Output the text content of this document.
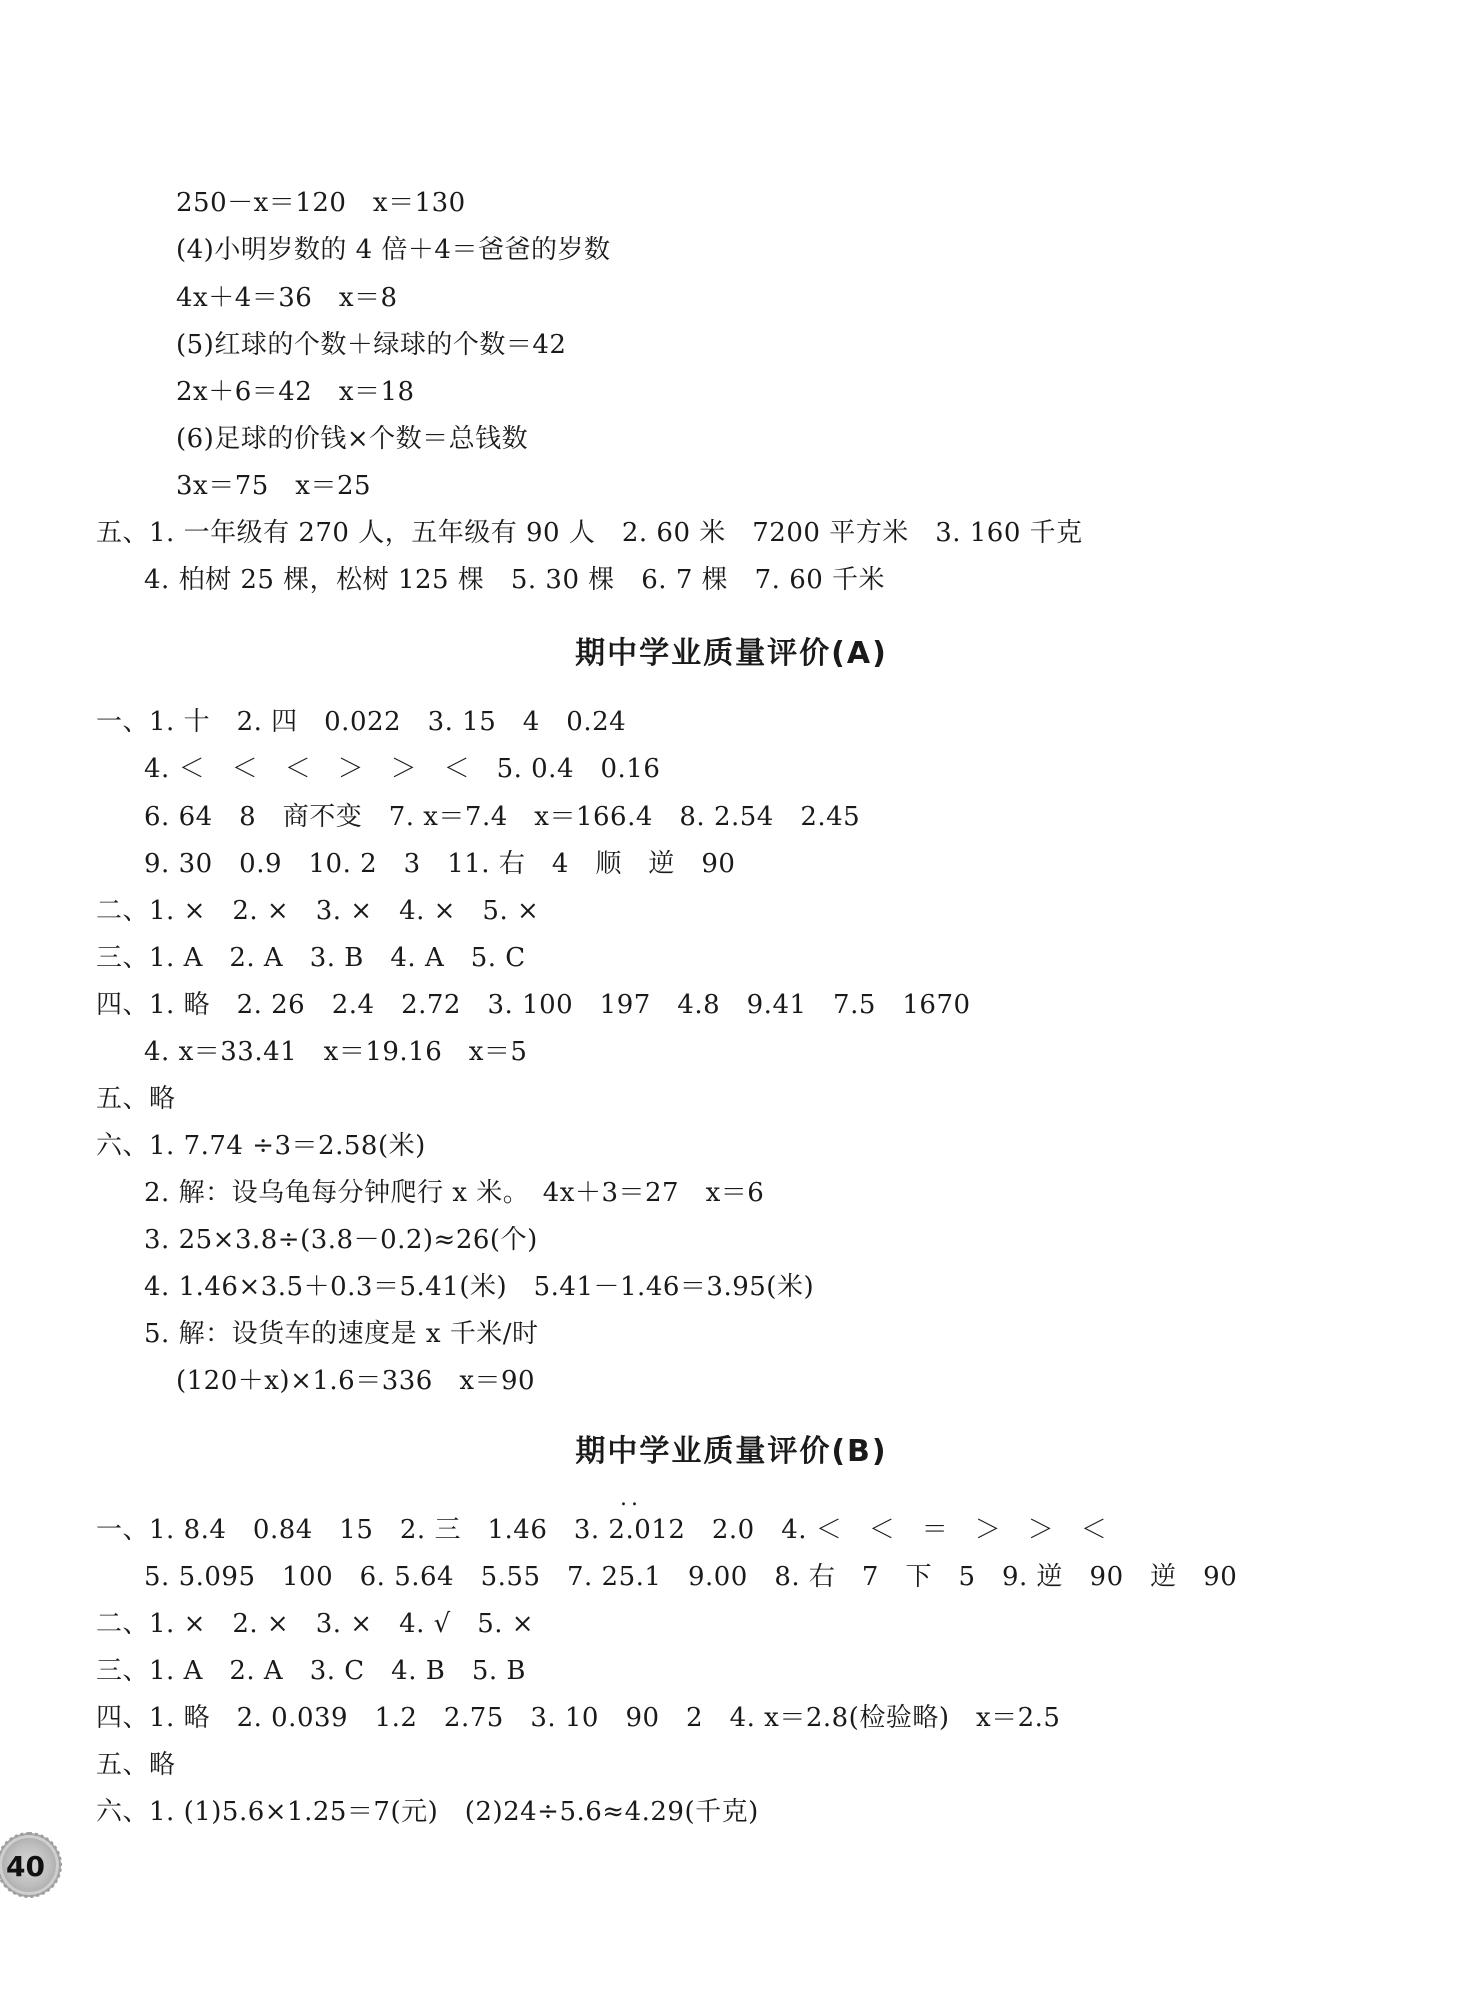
250－x＝120　x＝130
(4)小明岁数的 4 倍＋4＝爸爸的岁数
4x＋4＝36　x＝8
(5)红球的个数＋绿球的个数＝42
2x＋6＝42　x＝18
(6)足球的价钱×个数＝总钱数
3x＝75　x＝25
五、1. 一年级有 270 人，五年级有 90 人　2. 60 米　7200 平方米　3. 160 千克
4. 柏树 25 棵，松树 125 棵　5. 30 棵　6. 7 棵　7. 60 千米
期中学业质量评价(A)
一、1. 十　2. 四　0.022　3. 15　4　0.24
4. ＜　＜　＜　＞　＞　＜　5. 0.4　0.16
6. 64　8　商不变　7. x＝7.4　x＝166.4　8. 2.54　2.45
9. 30　0.9　10. 2　3　11. 右　4　顺　逆　90
二、1. ×　2. ×　3. ×　4. ×　5. ×
三、1. A　2. A　3. B　4. A　5. C
四、1. 略　2. 26　2.4　2.72　3. 100　197　4.8　9.41　7.5　1670
4. x＝33.41　x＝19.16　x＝5
五、略
六、1. 7.74 ÷3＝2.58(米)
2. 解：设乌龟每分钟爬行 x 米。　4x＋3＝27　x＝6
3. 25×3.8÷(3.8－0.2)≈26(个)
4. 1.46×3.5＋0.3＝5.41(米)　5.41－1.46＝3.95(米)
5. 解：设货车的速度是 x 千米/时
(120＋x)×1.6＝336　x＝90
期中学业质量评价(B)
..
一、1. 8.4　0.84　15　2. 三　1.46　3. 2.012　2.0　4. ＜　＜　＝　＞　＞　＜
5. 5.095　100　6. 5.64　5.55　7. 25.1　9.00　8. 右　7　下　5　9. 逆　90　逆　90
二、1. ×　2. ×　3. ×　4. √　5. ×
三、1. A　2. A　3. C　4. B　5. B
四、1. 略　2. 0.039　1.2　2.75　3. 10　90　2　4. x＝2.8(检验略)　x＝2.5
五、略
六、1. (1)5.6×1.25＝7(元)　(2)24÷5.6≈4.29(千克)
40
